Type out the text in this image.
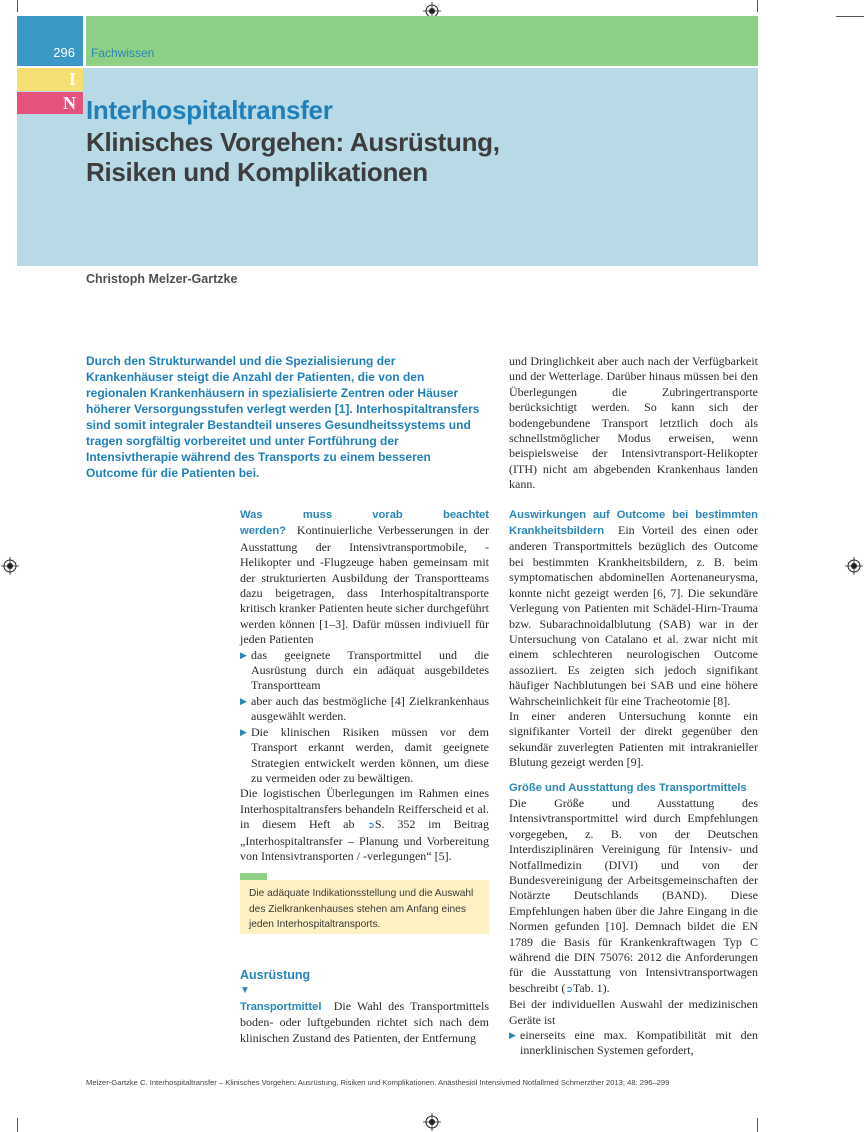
296	Fachwissen
I
N Interhospitaltransfer
Klinisches Vorgehen: Ausrüstung, Risiken und Komplikationen
Christoph Melzer-Gartzke

Durch den Strukturwandel und die Spezialisierung der Krankenhäuser steigt die Anzahl der Patienten, die von den regionalen Krankenhäusern in spezialisierte Zentren oder Häuser höherer Versorgungsstufen verlegt werden [1]. Interhospitaltransfers sind somit integraler Bestandteil unseres Gesundheitssystems und tragen sorgfältig vorbereitet und unter Fortführung der Intensivtherapie während des Transports zu einem besseren Outcome für die Patienten bei.

Was muss vorab beachtet werden? Kontinuierliche Verbesserungen in der Ausstattung der Intensivtransportmobile, -Helikopter und -Flugzeuge haben gemeinsam mit der strukturierten Ausbildung der Transportteams dazu beigetragen, dass Interhospitaltransporte kritisch kranker Patienten heute sicher durchgeführt werden können [1–3]. Dafür müssen indiviuell für jeden Patienten

▶ das geeignete Transportmittel und die Ausrüstung durch ein adäquat ausgebildetes Transportteam
▶ aber auch das bestmögliche [4] Zielkrankenhaus ausgewählt werden.
▶ Die klinischen Risiken müssen vor dem Transport erkannt werden, damit geeignete Strategien entwickelt werden können, um diese zu vermeiden oder zu bewältigen.

Die logistischen Überlegungen im Rahmen eines Interhospitaltransfers behandeln Reifferscheid et al. in diesem Heft ab ➲S. 352 im Beitrag „Interhospitaltransfer – Planung und Vorbereitung von Intensivtransporten / -verlegungen“ [5].

Die adäquate Indikationsstellung und die Auswahl des Zielkrankenhauses stehen am Anfang eines jeden Interhospitaltransports.
Ausrüstung
▼

Transportmittel Die Wahl des Transportmittels boden- oder luftgebunden richtet sich nach dem klinischen Zustand des Patienten, der Entfernung

und Dringlichkeit aber auch nach der Verfügbarkeit und der Wetterlage. Darüber hinaus müssen bei den Überlegungen die Zubringertransporte berücksichtigt werden. So kann sich der bodengebundene Transport letztlich doch als schnellstmöglicher Modus erweisen, wenn beispielsweise der Intensivtransport-Helikopter (ITH) nicht am abgebenden Krankenhaus landen kann.

Auswirkungen auf Outcome bei bestimmten Krankheitsbildern Ein Vorteil des einen oder anderen Transportmittels bezüglich des Outcome bei bestimmten Krankheitsbildern, z. B. beim symptomatischen abdominellen Aortenaneurysma, konnte nicht gezeigt werden [6, 7]. Die sekundäre Verlegung von Patienten mit Schädel-Hirn-Trauma bzw. Subarachnoidalblutung (SAB) war in der Untersuchung von Catalano et al. zwar nicht mit einem schlechteren neurologischen Outcome assoziiert. Es zeigten sich jedoch signifikant häufiger Nachblutungen bei SAB und eine höhere Wahrscheinlichkeit für eine Tracheotomie [8].

In einer anderen Untersuchung konnte ein signifikanter Vorteil der direkt gegenüber den sekundär zuverlegten Patienten mit intrakranieller Blutung gezeigt werden [9].

Größe und Ausstattung des Transportmittels

Die Größe und Ausstattung des Intensivtransportmittel wird durch Empfehlungen vorgegeben, z. B. von der Deutschen Interdisziplinären Vereinigung für Intensiv- und Notfallmedizin (DIVI) und von der Bundesvereinigung der Arbeitsgemeinschaften der Notärzte Deutschlands (BAND). Diese Empfehlungen haben über die Jahre Eingang in die Normen gefunden [10]. Demnach bildet die EN 1789 die Basis für Krankenkraftwagen Typ C während die DIN 75076: 2012 die Anforderungen für die Ausstattung von Intensivtransportwagen beschreibt (➲Tab. 1).

Bei der individuellen Auswahl der medizinischen Geräte ist

▶ einerseits eine max. Kompatibilität mit den innerklinischen Systemen gefordert,
Melzer-Gartzke C. Interhospitaltransfer – Klinisches Vorgehen: Ausrüstung, Risiken und Komplikationen. Anästhesiol Intensivmed Notfallmed Schmerzther 2013; 48: 296–299
